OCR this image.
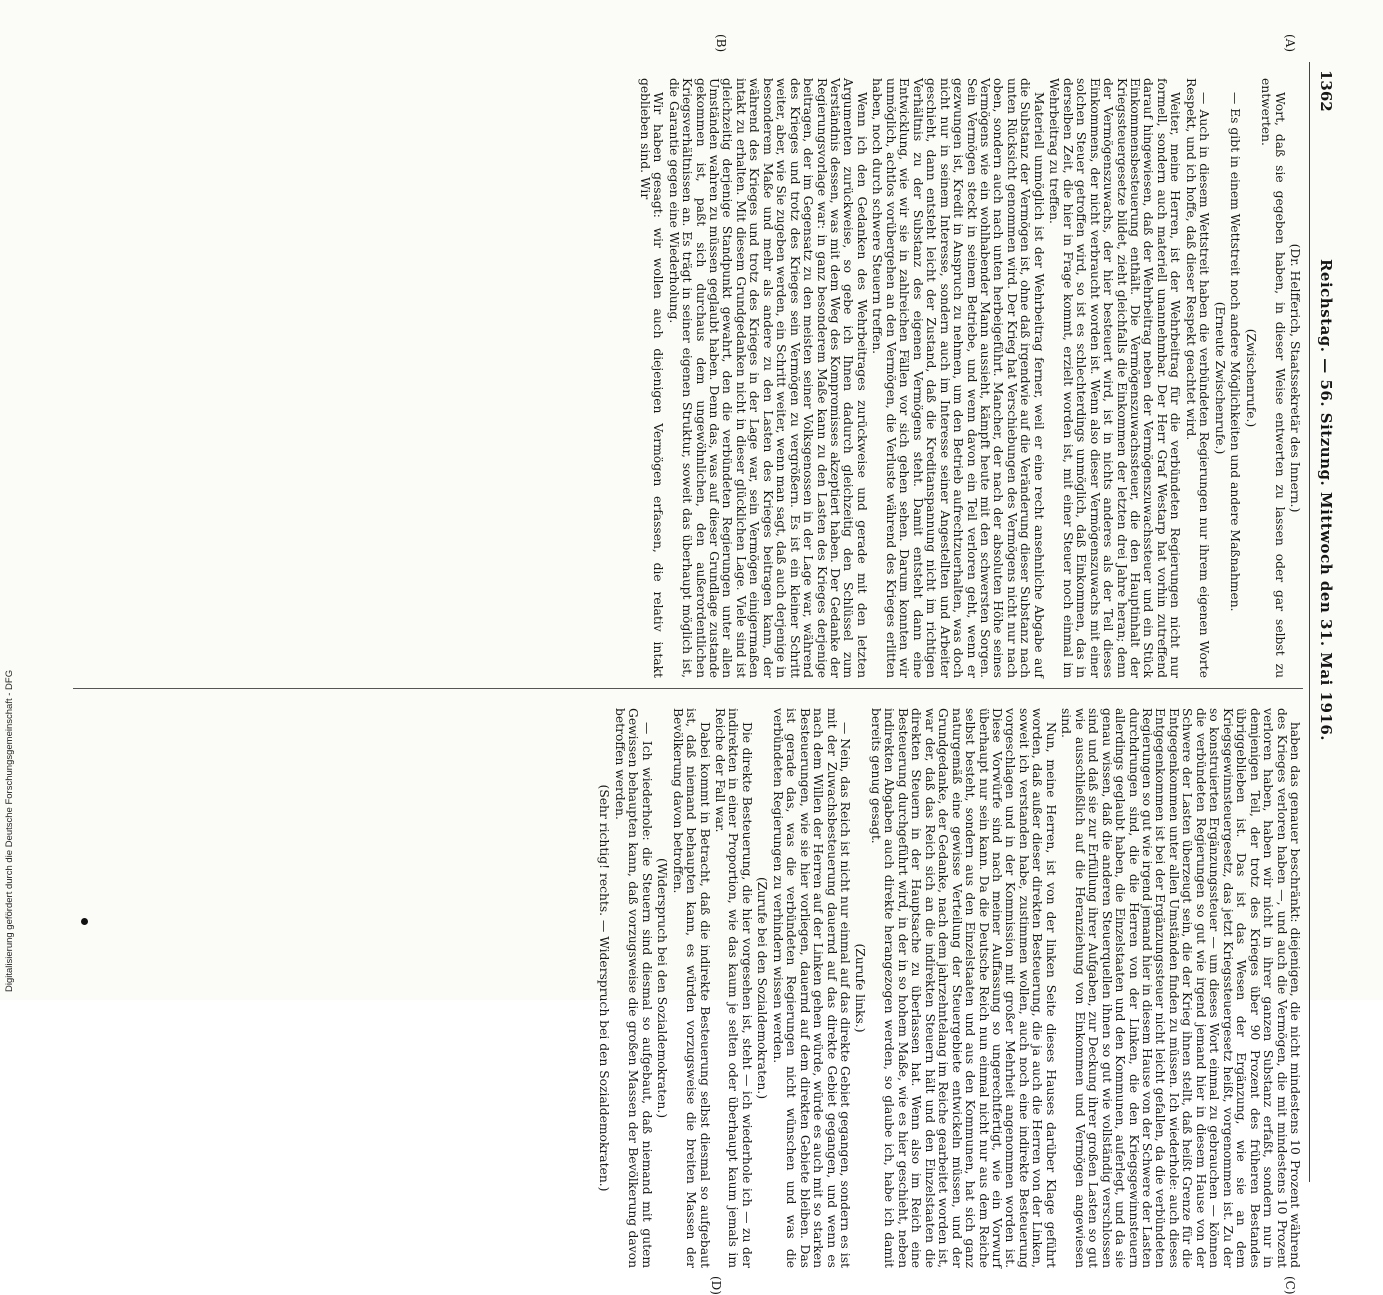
1362
Reichstag. — 56. Sitzung. Mittwoch den 31. Mai 1916.
(A)
(B)
(C)
(D)

(Dr. Helfferich, Staatssekretär des Innern.)

Wort, daß sie gegeben haben, in dieser Weise entwerten zu lassen oder gar selbst zu entwerten.

(Zwischenrufe.)

— Es gibt in einem Wettstreit noch andere Möglichkeiten und andere Maßnahmen.

(Erneute Zwischenrufe.)

— Auch in diesem Wettstreit haben die verbündeten Regierungen nur ihrem eigenen Worte Respekt, und ich hoffe, daß dieser Respekt geachtet wird.

Weiter, meine Herren, ist der Wehrbeitrag für die verbündeten Regierungen nicht nur formell, sondern auch materiell unannehmbar. Der Herr Graf Westarp hat vorhin zutreffend darauf hingewiesen, daß der Wehrbeitrag neben der Vermögenszuwachssteuer und ein Stück Einkommensbesteuerung enthält. Die Vermögenszuwachssteuer, die den Hauptinhalt der Kriegssteuergesetze bildet, zieht gleichfalls die Einkommen der letzten drei Jahre heran; denn der Vermögenszuwachs, der hier besteuert wird, ist in nichts anderes als der Teil dieses Einkommens, der nicht verbraucht worden ist. Wenn also dieser Vermögenszuwachs mit einer solchen Steuer getroffen wird, so ist es schlechterdings unmöglich, daß Einkommen, das in derselben Zeit, die hier in Frage kommt, erzielt worden ist, mit einer Steuer noch einmal im Wehrbeitrag zu treffen.

Materiell unmöglich ist der Wehrbeitrag ferner, weil er eine recht ansehnliche Abgabe auf die Substanz der Vermögen ist, ohne daß irgendwie auf die Veränderung dieser Substanz nach unten Rücksicht genommen wird. Der Krieg hat Verschiebungen des Vermögens nicht nur nach oben, sondern auch nach unten herbeigeführt. Mancher, der nach der absoluten Höhe seines Vermögens wie ein wohlhabender Mann aussieht, kämpft heute mit den schwersten Sorgen. Sein Vermögen steckt in seinem Betriebe, und wenn davon ein Teil verloren geht, wenn er gezwungen ist, Kredit in Anspruch zu nehmen, um den Betrieb aufrechtzuerhalten, was doch nicht nur in seinem Interesse, sondern auch im Interesse seiner Angestellten und Arbeiter geschieht, dann entsteht leicht der Zustand, daß die Kreditanspannung nicht im richtigen Verhältnis zu der Substanz des eigenen Vermögens steht. Damit entsteht dann eine Entwicklung, wie wir sie in zahlreichen Fällen vor sich gehen sehen. Darum konnten wir unmöglich, achtlos vorübergehen an den Vermögen, die Verluste während des Krieges erlitten haben, noch durch schwere Steuern treffen.

Wenn ich den Gedanken des Wehrbeitrages zurückweise und gerade mit den letzten Argumenten zurückweise, so gebe ich Ihnen dadurch gleichzeitig den Schlüssel zum Verständnis dessen, was mit dem Weg des Kompromisses akzeptiert haben. Der Gedanke der Regierungsvorlage war: in ganz besonderem Maße kann zu den Lasten des Krieges derjenige beitragen, der im Gegensatz zu den meisten seiner Volksgenossen in der Lage war, während des Krieges und trotz des Krieges sein Vermögen zu vergrößern. Es ist ein kleiner Schritt weiter, aber, wie Sie zugeben werden, ein Schritt weiter, wenn man sagt, daß auch derjenige in besonderem Maße und mehr als andere zu den Lasten des Krieges beitragen kann, der während des Krieges und trotz des Krieges in der Lage war, sein Vermögen einigermaßen intakt zu erhalten. Mit diesem Grundgedanken nicht in dieser glücklichen Lage. Viele sind ist gleichzeitig derjenige Standpunkt gewahrt, den die verbündeten Regierungen unter allen Umständen wahren zu müssen geglaubt haben. Denn das, was auf dieser Grundlage zustande gekommen ist, paßt sich durchaus dem ungewöhnlichen, den außerordentlichen Kriegsverhältnissen an. Es trägt in seiner eigenen Struktur, soweit das überhaupt möglich ist, die Garantie gegen eine Wiederholung.

Wir haben gesagt: wir wollen auch diejenigen Vermögen erfassen, die relativ intakt geblieben sind. Wir

haben das genauer beschränkt: diejenigen, die nicht mindestens 10 Prozent während des Krieges verloren haben —, und auch die Vermögen, die mit mindestens 10 Prozent verloren haben, haben wir nicht in ihrer ganzen Substanz erfaßt, sondern nur in demjenigen Teil, der trotz des Krieges über 90 Prozent des früheren Bestandes übriggeblieben ist. Das ist das Wesen der Ergänzung, wie sie an dem Kriegsgewinnsteuergesetz, das jetzt Kriegssteuergesetz heißt, vorgenommen ist. Zu der so konstruierten Ergänzungssteuer — um dieses Wort einmal zu gebrauchen — können die verbündeten Regierungen so gut wie irgend jemand hier in diesem Hause von der Schwere der Lasten überzeugt sein, die der Krieg ihnen stellt, daß heißt Grenze für die Entgegenkommen unter allen Umständen finden zu müssen. Ich wiederhole: auch dieses Entgegenkommen ist bei der Ergänzungssteuer nicht leicht gefallen, da die verbündeten Regierungen so gut wie irgend jemand hier in diesem Hause von der Schwere der Lasten durchdrungen sind, die die Herren von der Linken, die den Kriegsgewinnsteuern allerdings geglaubt haben, die Einzelstaaten und den Kommunen, auferlegt, und da sie genau wissen, daß die anderen Steuerquellen ihnen so gut wie vollständig verschlossen sind und daß sie zur Erfüllung ihrer Aufgaben, zur Deckung ihrer großen Lasten so gut wie ausschließlich auf die Heranziehung von Einkommen und Vermögen angewiesen sind.

Nun, meine Herren, ist von der linken Seite dieses Hauses darüber Klage geführt worden, daß außer dieser direkten Besteuerung, die ja auch die Herren von der Linken, soweit ich verstanden habe, zustimmen wollen, auch noch eine indirekte Besteuerung vorgeschlagen und in der Kommission mit großer Mehrheit angenommen worden ist. Diese Vorwürfe sind nach meiner Auffassung so ungerechtfertigt, wie ein Vorwurf überhaupt nur sein kann. Da die Deutsche Reich nun einmal nicht nur aus dem Reiche selbst besteht, sondern aus den Einzelstaaten und aus den Kommunen, hat sich ganz naturgemäß eine gewisse Verteilung der Steuergebiete entwickeln müssen, und der Grundgedanke, der Gedanke, nach dem jahrzehntelang im Reiche gearbeitet worden ist, war der, daß das Reich sich an die indirekten Steuern hält und den Einzelstaaten die direkten Steuern in der Hauptsache zu überlassen hat. Wenn also im Reich eine Besteuerung durchgeführt wird, in der in so hohem Maße, wie es hier geschieht, neben indirekten Abgaben auch direkte herangezogen werden, so glaube ich, habe ich damit bereits genug gesagt.

(Zurufe links.)

— Nein, das Reich ist nicht nur einmal auf das direkte Gebiet gegangen, sondern es ist mit der Zuwachsbesteuerung dauernd auf das direkte Gebiet gegangen, und wenn es nach dem Willen der Herren auf der Linken gehen würde, würde es auch mit so starken Besteuerungen, wie sie hier vorliegen, dauernd auf dem direkten Gebiete bleiben. Das ist gerade das, was die verbündeten Regierungen nicht wünschen und was die verbündeten Regierungen zu verhindern wissen werden.

(Zurufe bei den Sozialdemokraten.)

Die direkte Besteuerung, die hier vorgesehen ist, steht — ich wiederhole ich — zu der indirekten in einer Proportion, wie das kaum je selten oder überhaupt kaum jemals im Reiche der Fall war.

Dabei kommt in Betracht, daß die indirekte Besteuerung selbst diesmal so aufgebaut ist, daß niemand behaupten kann, es würden vorzugsweise die breiten Massen der Bevölkerung davon betroffen.

(Widerspruch bei den Sozialdemokraten.)

— Ich wiederhole: die Steuern sind diesmal so aufgebaut, daß niemand mit gutem Gewissen behaupten kann, daß vorzugsweise die großen Massen der Bevölkerung davon betroffen werden.

(Sehr richtig! rechts. — Widerspruch bei den Sozialdemokraten.)

Digitalisierung gefördert durch die Deutsche Forschungsgemeinschaft - DFG
